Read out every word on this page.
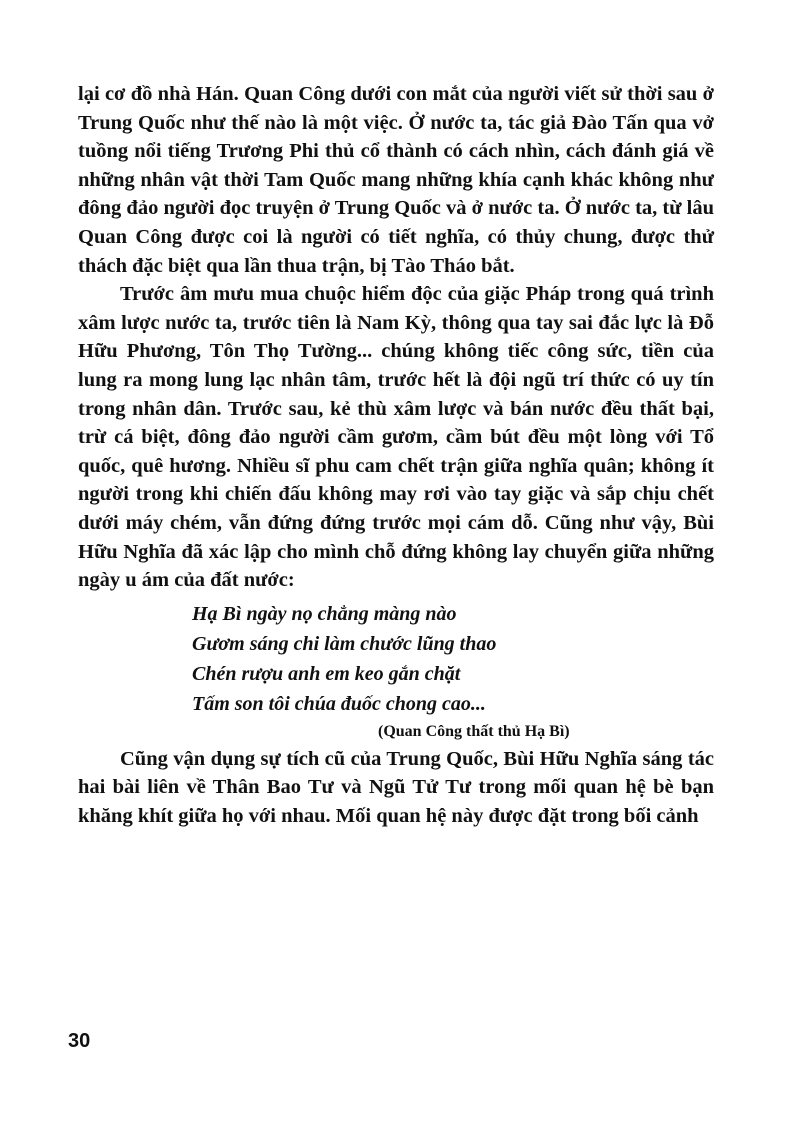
lại cơ đồ nhà Hán. Quan Công dưới con mắt của người viết sử thời sau ở Trung Quốc như thế nào là một việc. Ở nước ta, tác giả Đào Tấn qua vở tuồng nổi tiếng Trương Phi thủ cổ thành có cách nhìn, cách đánh giá về những nhân vật thời Tam Quốc mang những khía cạnh khác không như đông đảo người đọc truyện ở Trung Quốc và ở nước ta. Ở nước ta, từ lâu Quan Công được coi là người có tiết nghĩa, có thủy chung, được thử thách đặc biệt qua lần thua trận, bị Tào Tháo bắt.

Trước âm mưu mua chuộc hiểm độc của giặc Pháp trong quá trình xâm lược nước ta, trước tiên là Nam Kỳ, thông qua tay sai đắc lực là Đỗ Hữu Phương, Tôn Thọ Tường... chúng không tiếc công sức, tiền của lung ra mong lung lạc nhân tâm, trước hết là đội ngũ trí thức có uy tín trong nhân dân. Trước sau, kẻ thù xâm lược và bán nước đều thất bại, trừ cá biệt, đông đảo người cầm gươm, cầm bút đều một lòng với Tổ quốc, quê hương. Nhiều sĩ phu cam chết trận giữa nghĩa quân; không ít người trong khi chiến đấu không may rơi vào tay giặc và sắp chịu chết dưới máy chém, vẫn đứng đứng trước mọi cám dỗ. Cũng như vậy, Bùi Hữu Nghĩa đã xác lập cho mình chỗ đứng không lay chuyển giữa những ngày u ám của đất nước:

Hạ Bì ngày nọ chẳng màng nào
Gươm sáng chi làm chước lũng thao
Chén rượu anh em keo gắn chặt
Tấm son tôi chúa đuốc chong cao...
(Quan Công thất thủ Hạ Bì)

Cũng vận dụng sự tích cũ của Trung Quốc, Bùi Hữu Nghĩa sáng tác hai bài liên về Thân Bao Tư và Ngũ Tử Tư trong mối quan hệ bè bạn khăng khít giữa họ với nhau. Mối quan hệ này được đặt trong bối cảnh

30
